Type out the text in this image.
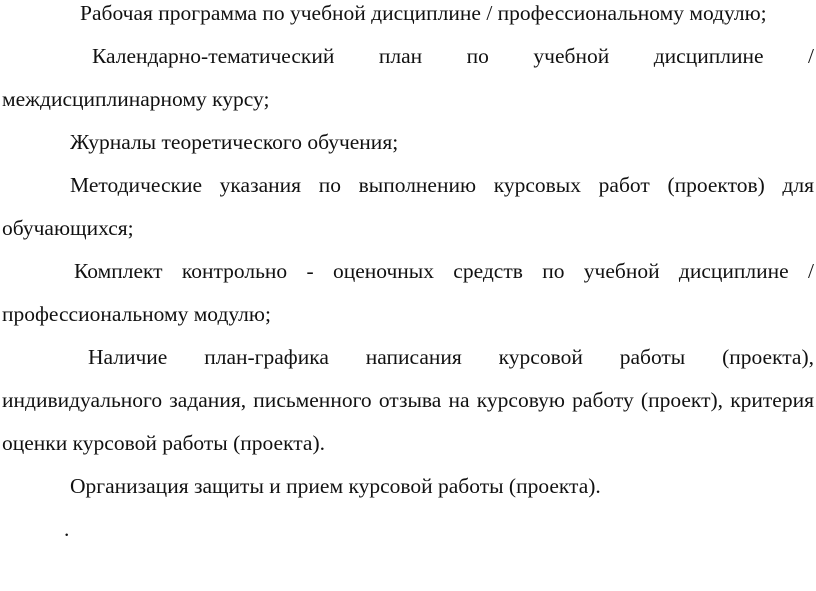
Рабочая программа по учебной дисциплине / профессиональному модулю;

Календарно-тематический план по учебной дисциплине / междисциплинарному курсу;

Журналы теоретического обучения;

Методические указания по выполнению курсовых работ (проектов) для обучающихся;

Комплект контрольно - оценочных средств по учебной дисциплине / профессиональному модулю;

Наличие план-графика написания курсовой работы (проекта), индивидуального задания, письменного отзыва на курсовую работу (проект), критерия оценки курсовой работы (проекта).

Организация защиты и прием курсовой работы (проекта).

.
